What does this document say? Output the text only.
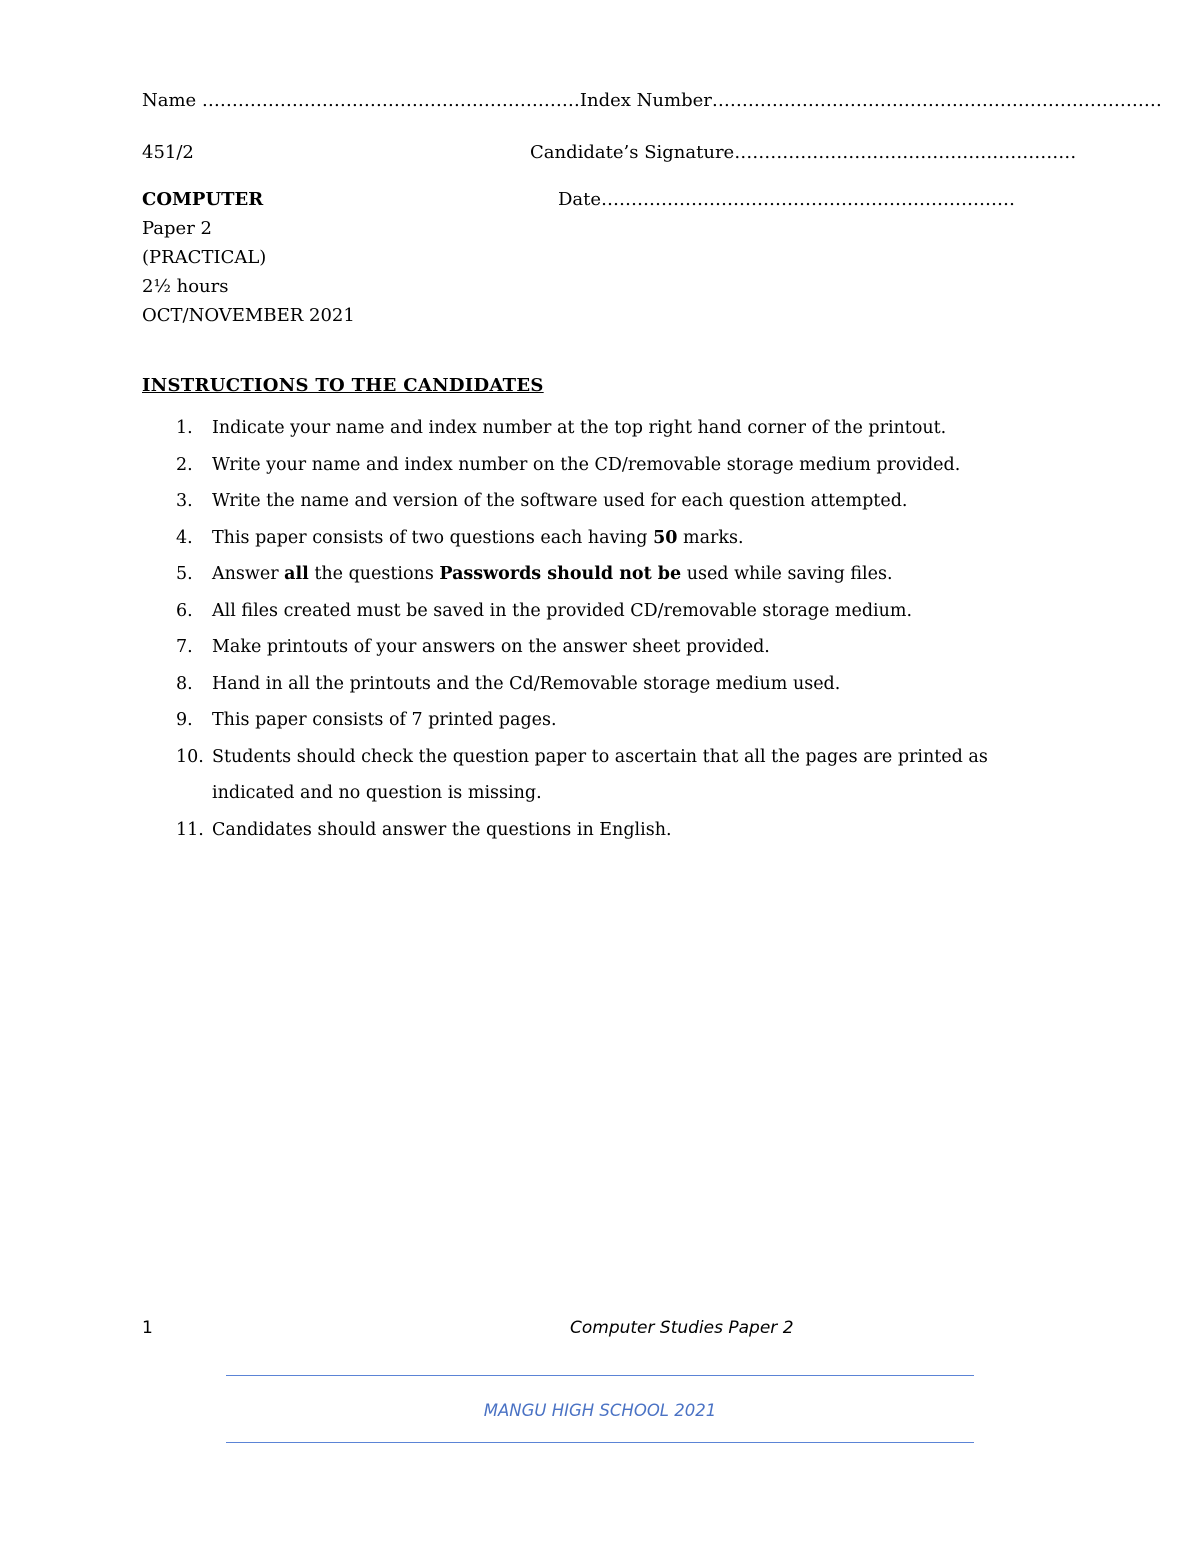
Name ………………………………………………………Index Number…………………………………………………………………
451/2	Candidate’s Signature…………………………………………………
COMPUTER	Date……………………………………………………………
Paper 2
(PRACTICAL)
2½ hours
OCT/NOVEMBER 2021
INSTRUCTIONS TO THE CANDIDATES
1.	Indicate your name and index number at the top right hand corner of the printout.
2.	Write your name and index number on the CD/removable storage medium provided.
3.	Write the name and version of the software used for each question attempted.
4.	This paper consists of two questions each having 50 marks.
5.	Answer all the questions Passwords should not be used while saving files.
6.	All files created must be saved in the provided CD/removable storage medium.
7.	Make printouts of your answers on the answer sheet provided.
8.	Hand in all the printouts and the Cd/Removable storage medium used.
9.	This paper consists of 7 printed pages.
10. Students should check the question paper to ascertain that all the pages are printed as indicated and no question is missing.
11. Candidates should answer the questions in English.
1	Computer Studies Paper 2
MANGU HIGH SCHOOL 2021
